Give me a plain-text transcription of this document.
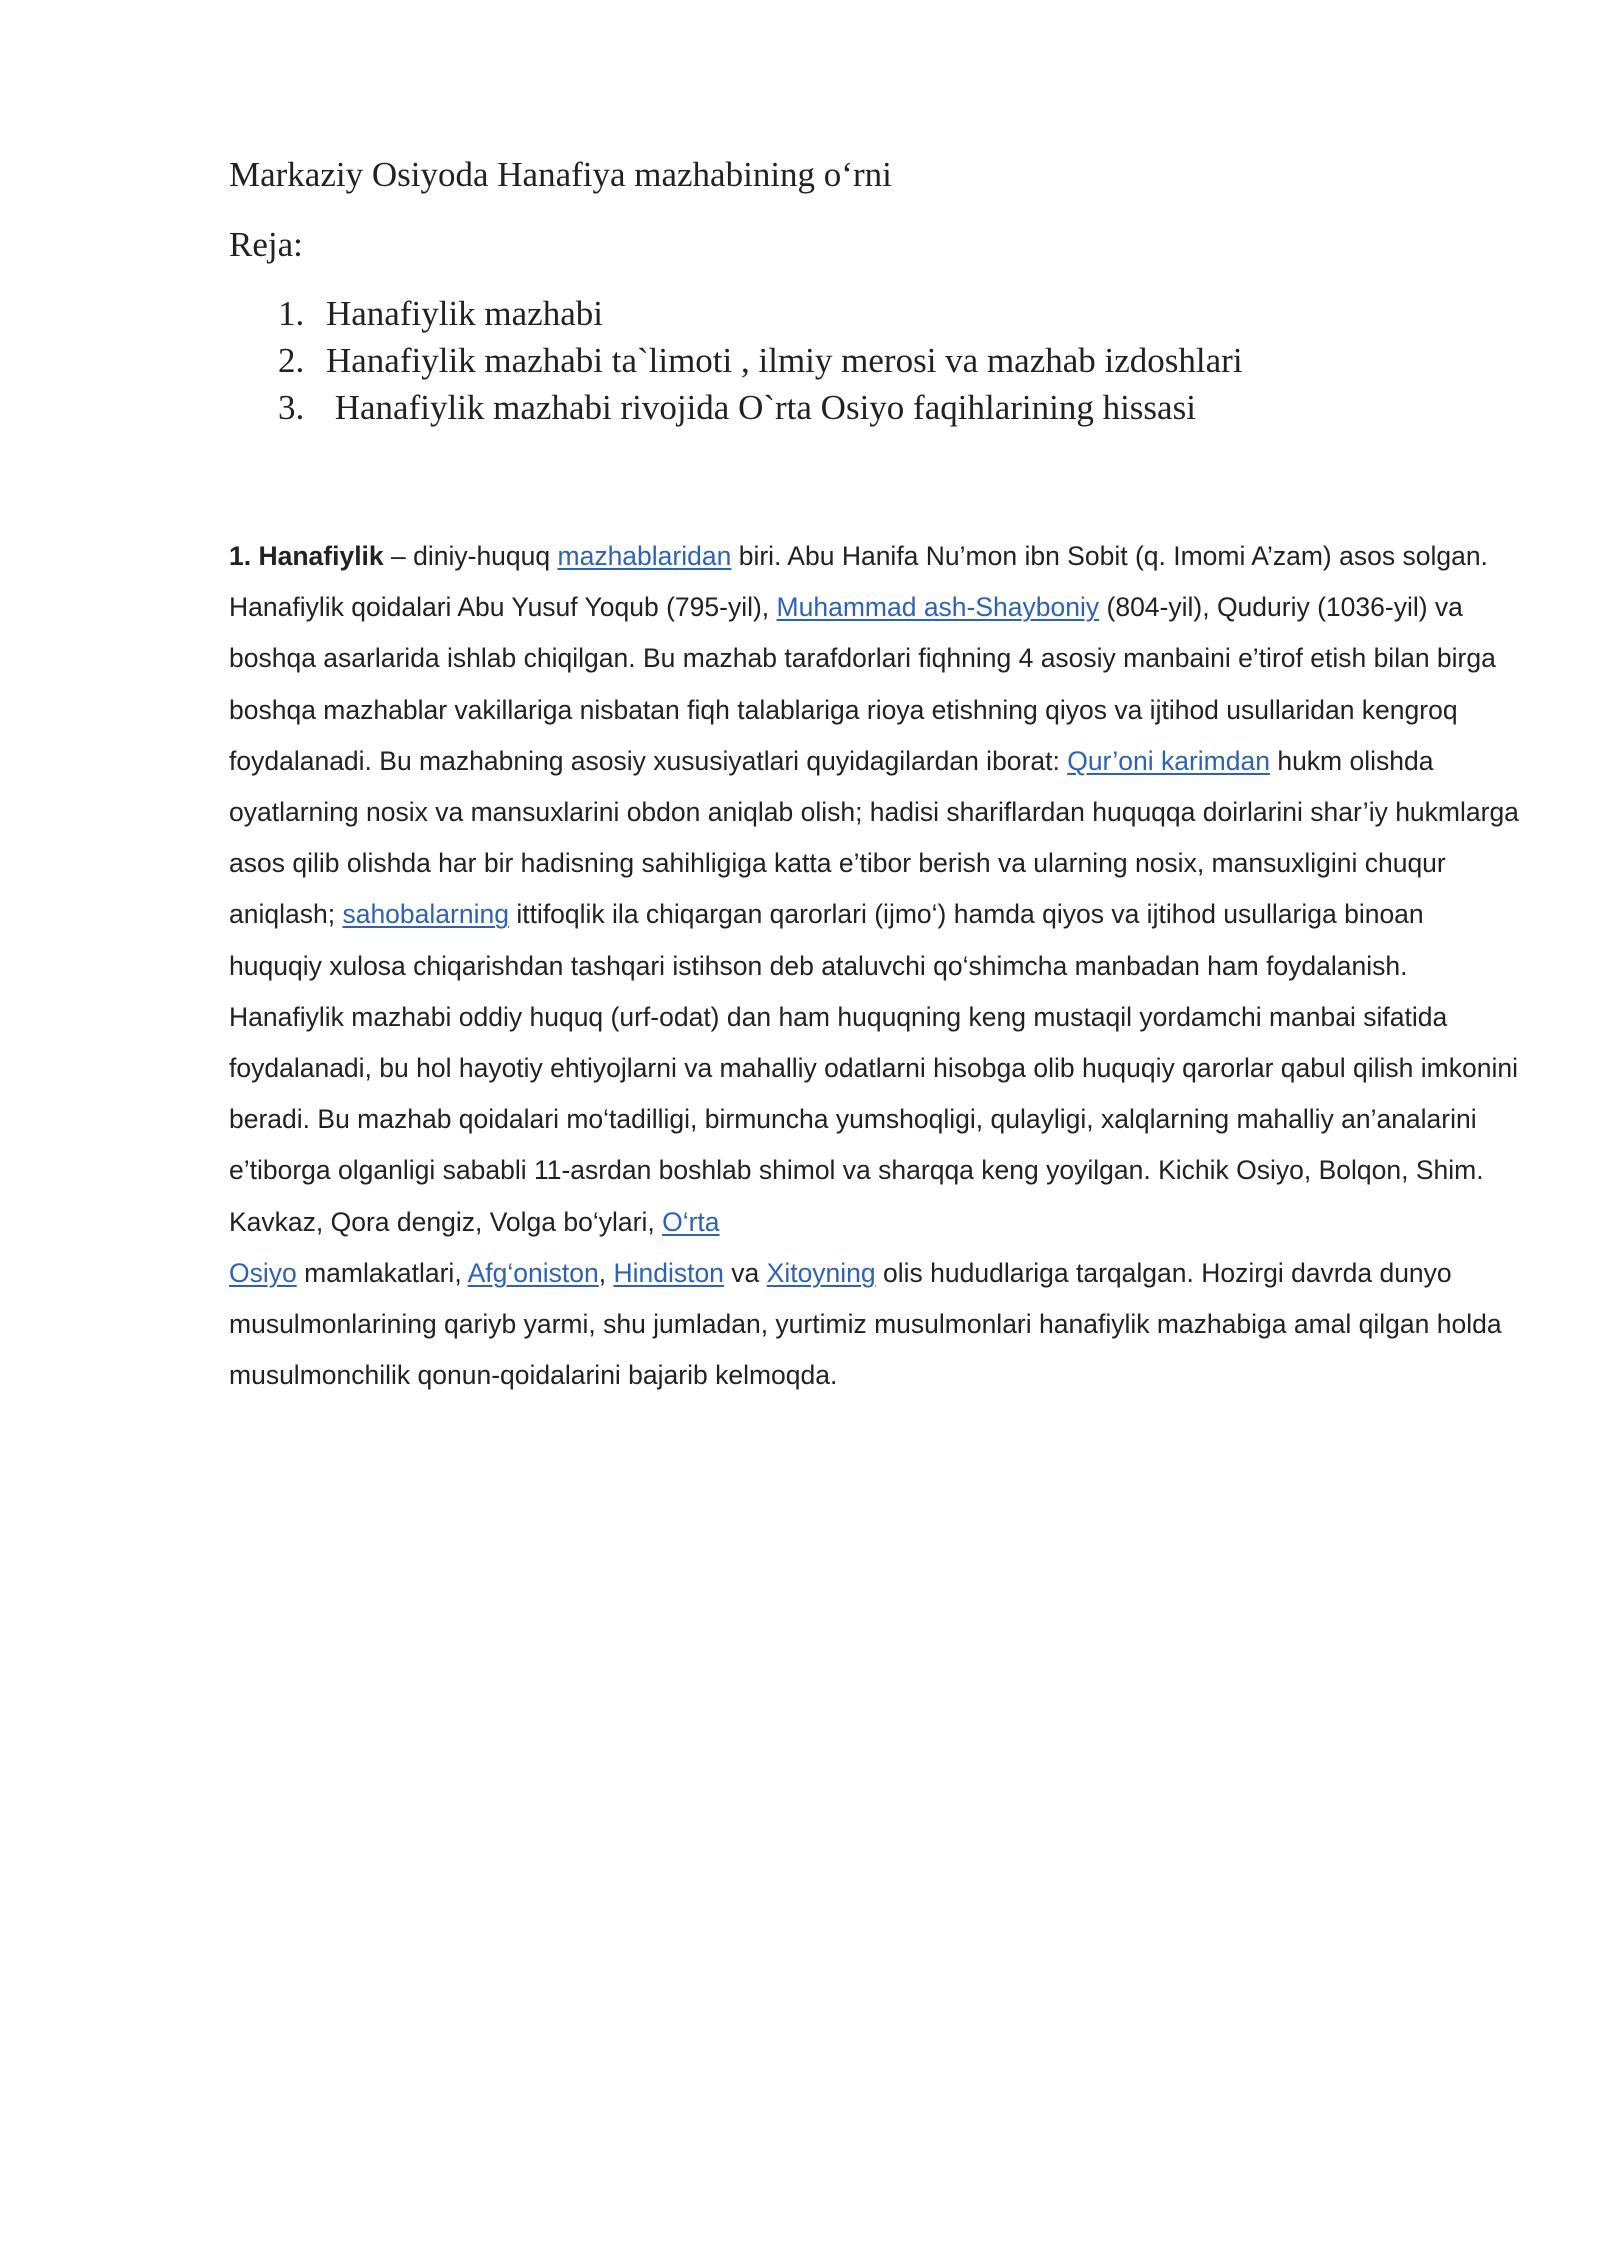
Markaziy Osiyoda Hanafiya mazhabining o‘rni
Reja:
1. Hanafiylik mazhabi
2. Hanafiylik mazhabi ta`limoti , ilmiy merosi va mazhab izdoshlari
3. Hanafiylik mazhabi rivojida O`rta Osiyo faqihlarining hissasi

1. Hanafiylik – diniy-huquq mazhablaridan biri. Abu Hanifa Nu’mon ibn Sobit (q. Imomi A’zam) asos solgan. Hanafiylik qoidalari Abu Yusuf Yoqub (795-yil), Muhammad ash-Shayboniy (804-yil), Quduriy (1036-yil) va boshqa asarlarida ishlab chiqilgan. Bu mazhab tarafdorlari fiqhning 4 asosiy manbaini e’tirof etish bilan birga boshqa mazhablar vakillariga nisbatan fiqh talablariga rioya etishning qiyos va ijtihod usullaridan kengroq foydalanadi. Bu mazhabning asosiy xususiyatlari quyidagilardan iborat: Qur’oni karimdan hukm olishda oyatlarning nosix va mansuxlarini obdon aniqlab olish; hadisi shariflardan huquqqa doirlarini shar’iy hukmlarga asos qilib olishda har bir hadisning sahihligiga katta e’tibor berish va ularning nosix, mansuxligini chuqur aniqlash; sahobalarning ittifoqlik ila chiqargan qarorlari (ijmo‘) hamda qiyos va ijtihod usullariga binoan huquqiy xulosa chiqarishdan tashqari istihson deb ataluvchi qo‘shimcha manbadan ham foydalanish. Hanafiylik mazhabi oddiy huquq (urf-odat) dan ham huquqning keng mustaqil yordamchi manbai sifatida foydalanadi, bu hol hayotiy ehtiyojlarni va mahalliy odatlarni hisobga olib huquqiy qarorlar qabul qilish imkonini beradi. Bu mazhab qoidalari mo‘tadilligi, birmuncha yumshoqligi, qulayligi, xalqlarning mahalliy an’analarini e’tiborga olganligi sababli 11-asrdan boshlab shimol va sharqqa keng yoyilgan. Kichik Osiyo, Bolqon, Shim. Kavkaz, Qora dengiz, Volga bo‘ylari, O‘rta
Osiyo mamlakatlari, Afg‘oniston, Hindiston va Xitoyning olis hududlariga tarqalgan. Hozirgi davrda dunyo musulmonlarining qariyb yarmi, shu jumladan, yurtimiz musulmonlari hanafiylik mazhabiga amal qilgan holda musulmonchilik qonun-qoidalarini bajarib kelmoqda.
